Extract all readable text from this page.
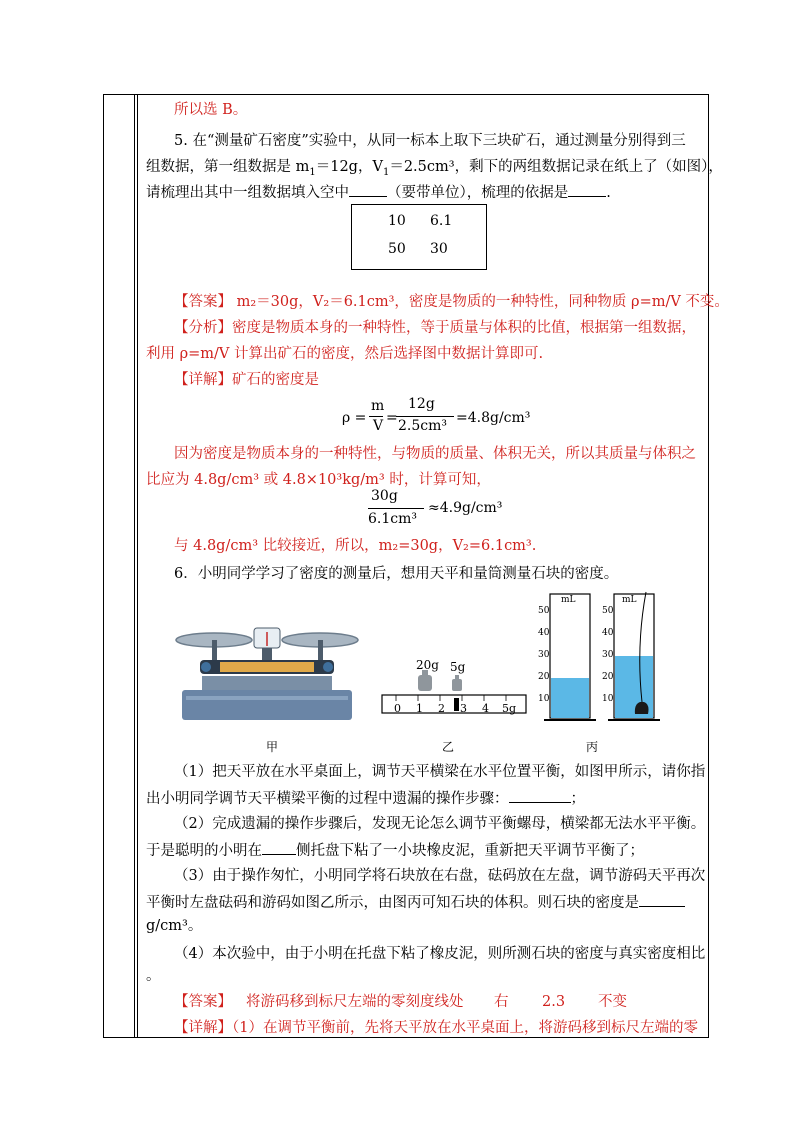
所以选 B。
5. 在“测量矿石密度”实验中，从同一标本上取下三块矿石，通过测量分别得到三
组数据，第一组数据是 $m_1=12g$，$V_1=2.5cm^3$，剩下的两组数据记录在纸上了（如图），
请梳理出其中一组数据填入空中	（要带单位），梳理的依据是	.
10 6.1
50 30
【答案】 m₂＝30g，V₂＝6.1cm³，密度是物质的一种特性，同种物质 ρ=m/V 不变。
【分析】密度是物质本身的一种特性，等于质量与体积的比值，根据第一组数据，
利用 ρ=m/V 计算出矿石的密度，然后选择图中数据计算即可.
【详解】矿石的密度是
ρ =
m
V =
12g
2.5cm³ =4.8g/cm³
因为密度是物质本身的一种特性，与物质的质量、体积无关，所以其质量与体积之
比应为 4.8g/cm³ 或 4.8×10³kg/m³ 时，计算可知，
30g
6.1cm³
≈4.9g/cm³
与 4.8g/cm³ 比较接近，所以，m₂=30g，V₂=6.1cm³.
6．小明同学学习了密度的测量后，想用天平和量筒测量石块的密度。
甲
20g 5g
0 1 2 3 4 5g
乙
mL
50
40
30
20
10
mL
50
40
30
20
10
丙
（1）把天平放在水平桌面上，调节天平横梁在水平位置平衡，如图甲所示，请你指
出小明同学调节天平横梁平衡的过程中遗漏的操作步骤：	；
（2）完成遗漏的操作步骤后，发现无论怎么调节平衡螺母，横梁都无法水平平衡。
于是聪明的小明在 侧托盘下粘了一小块橡皮泥，重新把天平调节平衡了；
（3）由于操作匆忙，小明同学将石块放在右盘，砝码放在左盘，调节游码天平再次
平衡时左盘砝码和游码如图乙所示，由图丙可知石块的体积。则石块的密度是
g/cm³。
（4）本次验中，由于小明在托盘下粘了橡皮泥，则所测石块的密度与真实密度相比
。
【答案】 将游码移到标尺左端的零刻度线处 右 2.3 不变
【详解】（1）在调节平衡前，先将天平放在水平桌面上，将游码移到标尺左端的零
